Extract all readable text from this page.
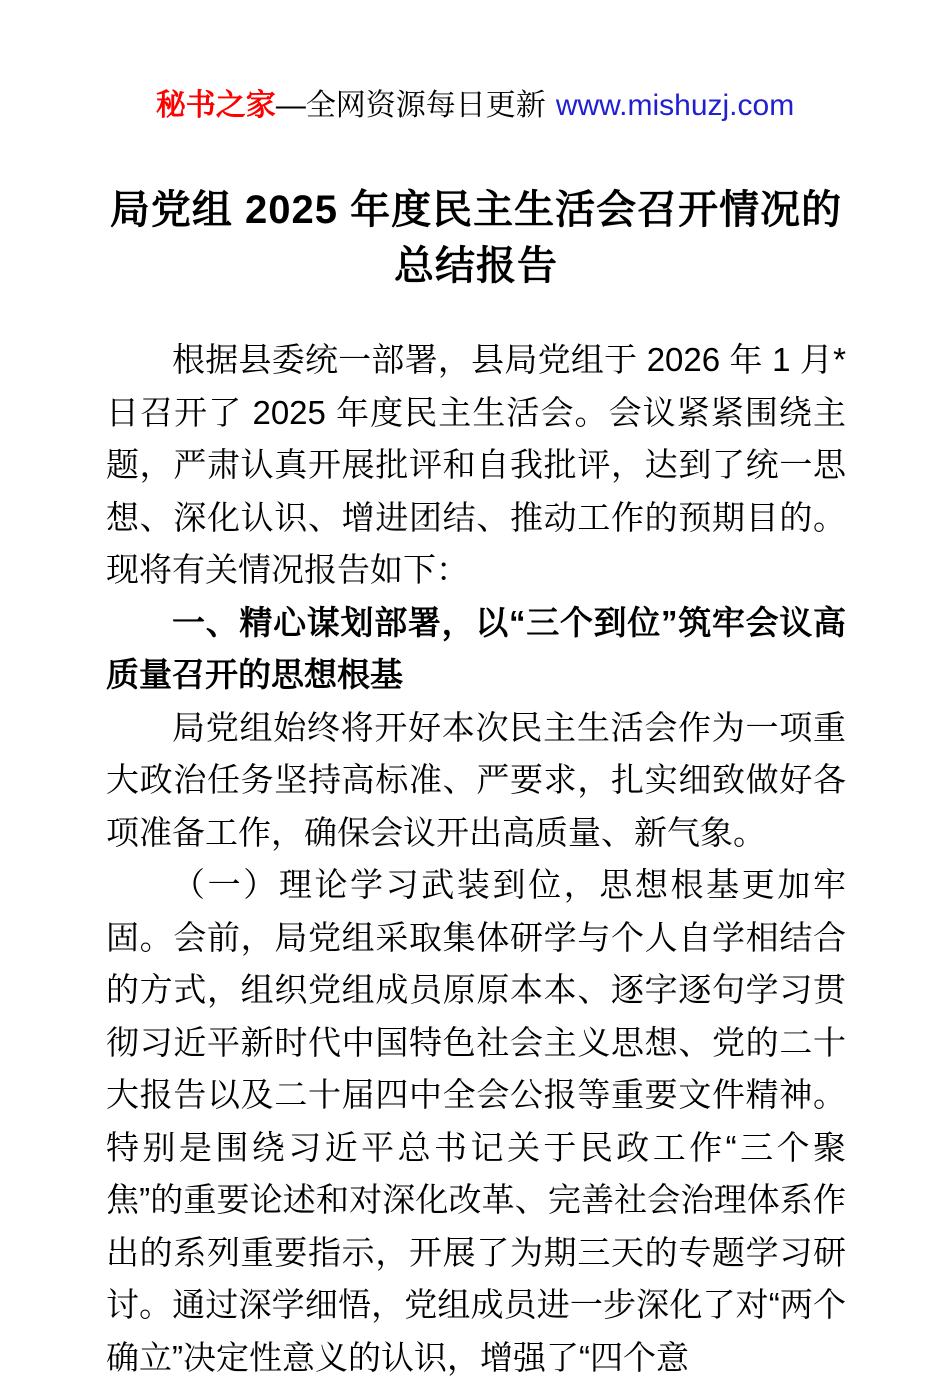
秘书之家—全网资源每日更新 www.mishuzj.com
局党组 2025 年度民主生活会召开情况的总结报告

根据县委统一部署，县局党组于 2026 年 1 月*日召开了 2025 年度民主生活会。会议紧紧围绕主题，严肃认真开展批评和自我批评，达到了统一思想、深化认识、增进团结、推动工作的预期目的。现将有关情况报告如下：

一、精心谋划部署，以“三个到位”筑牢会议高质量召开的思想根基

局党组始终将开好本次民主生活会作为一项重大政治任务坚持高标准、严要求，扎实细致做好各项准备工作，确保会议开出高质量、新气象。

（一）理论学习武装到位，思想根基更加牢固。会前，局党组采取集体研学与个人自学相结合的方式，组织党组成员原原本本、逐字逐句学习贯彻习近平新时代中国特色社会主义思想、党的二十大报告以及二十届四中全会公报等重要文件精神。特别是围绕习近平总书记关于民政工作“三个聚焦”的重要论述和对深化改革、完善社会治理体系作出的系列重要指示，开展了为期三天的专题学习研讨。通过深学细悟，党组成员进一步深化了对“两个确立”决定性意义的认识，增强了“四个意
